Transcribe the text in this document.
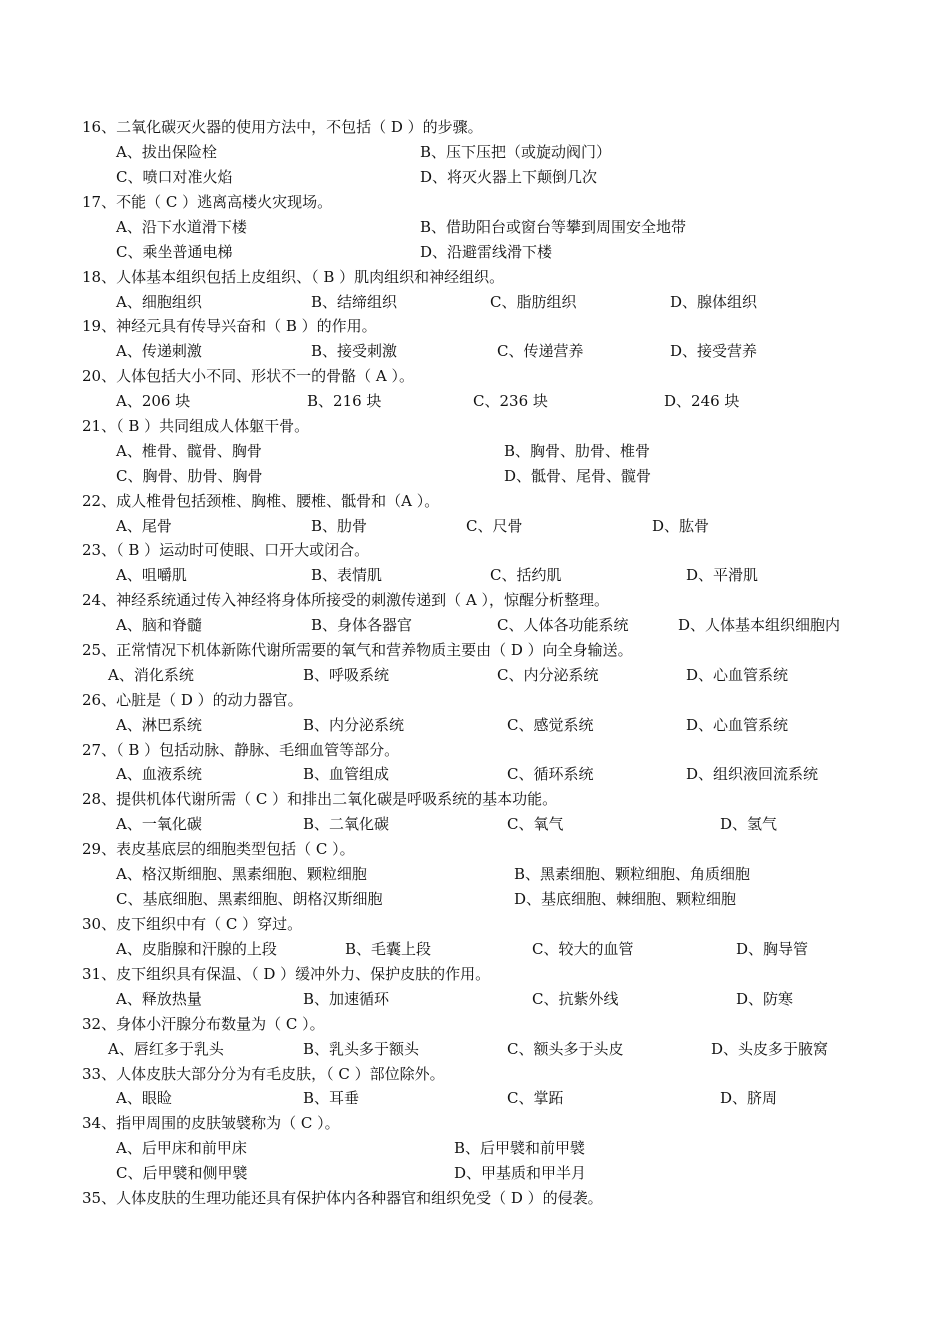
16、二氧化碳灭火器的使用方法中，不包括（ D ）的步骤。
A、拔出保险栓	B、压下压把（或旋动阀门）
C、喷口对准火焰	D、将灭火器上下颠倒几次
17、不能（ C ）逃离高楼火灾现场。
A、沿下水道滑下楼	B、借助阳台或窗台等攀到周围安全地带
C、乘坐普通电梯	D、沿避雷线滑下楼
18、人体基本组织包括上皮组织、（ B ）肌肉组织和神经组织。
A、细胞组织	B、结缔组织	C、脂肪组织	D、腺体组织
19、神经元具有传导兴奋和（ B ）的作用。
A、传递刺激	B、接受刺激	C、传递营养	D、接受营养
20、人体包括大小不同、形状不一的骨骼（ A ）。
A、206 块	B、216 块	C、236 块	D、246 块
21、（ B ）共同组成人体躯干骨。
A、椎骨、髋骨、胸骨	B、胸骨、肋骨、椎骨
C、胸骨、肋骨、胸骨	D、骶骨、尾骨、髋骨
22、成人椎骨包括颈椎、胸椎、腰椎、骶骨和（A ）。
A、尾骨	B、肋骨	C、尺骨	D、肱骨
23、（ B ）运动时可使眼、口开大或闭合。
A、咀嚼肌	B、表情肌	C、括约肌	D、平滑肌
24、神经系统通过传入神经将身体所接受的刺激传递到（ A ），惊醒分析整理。
A、脑和脊髓	B、身体各器官	C、人体各功能系统	D、人体基本组织细胞内
25、正常情况下机体新陈代谢所需要的氧气和营养物质主要由（ D ）向全身输送。
A、消化系统	B、呼吸系统	C、内分泌系统	D、心血管系统
26、心脏是（ D ）的动力器官。
A、淋巴系统	B、内分泌系统	C、感觉系统	D、心血管系统
27、（ B ）包括动脉、静脉、毛细血管等部分。
A、血液系统	B、血管组成	C、循环系统	D、组织液回流系统
28、提供机体代谢所需（ C ）和排出二氧化碳是呼吸系统的基本功能。
A、一氧化碳	B、二氧化碳	C、氧气	D、氢气
29、表皮基底层的细胞类型包括（ C ）。
A、格汉斯细胞、黑素细胞、颗粒细胞	B、黑素细胞、颗粒细胞、角质细胞
C、基底细胞、黑素细胞、朗格汉斯细胞	D、基底细胞、棘细胞、颗粒细胞
30、皮下组织中有（ C ）穿过。
A、皮脂腺和汗腺的上段	B、毛囊上段	C、较大的血管	D、胸导管
31、皮下组织具有保温、（ D ）缓冲外力、保护皮肤的作用。
A、释放热量	B、加速循环	C、抗紫外线	D、防寒
32、身体小汗腺分布数量为（ C ）。
A、唇红多于乳头	B、乳头多于额头	C、额头多于头皮	D、头皮多于腋窝
33、人体皮肤大部分分为有毛皮肤，（ C ）部位除外。
A、眼睑	B、耳垂	C、掌跖	D、脐周
34、指甲周围的皮肤皱襞称为（ C ）。
A、后甲床和前甲床	B、后甲襞和前甲襞
C、后甲襞和侧甲襞	D、甲基质和甲半月
35、人体皮肤的生理功能还具有保护体内各种器官和组织免受（ D ）的侵袭。
